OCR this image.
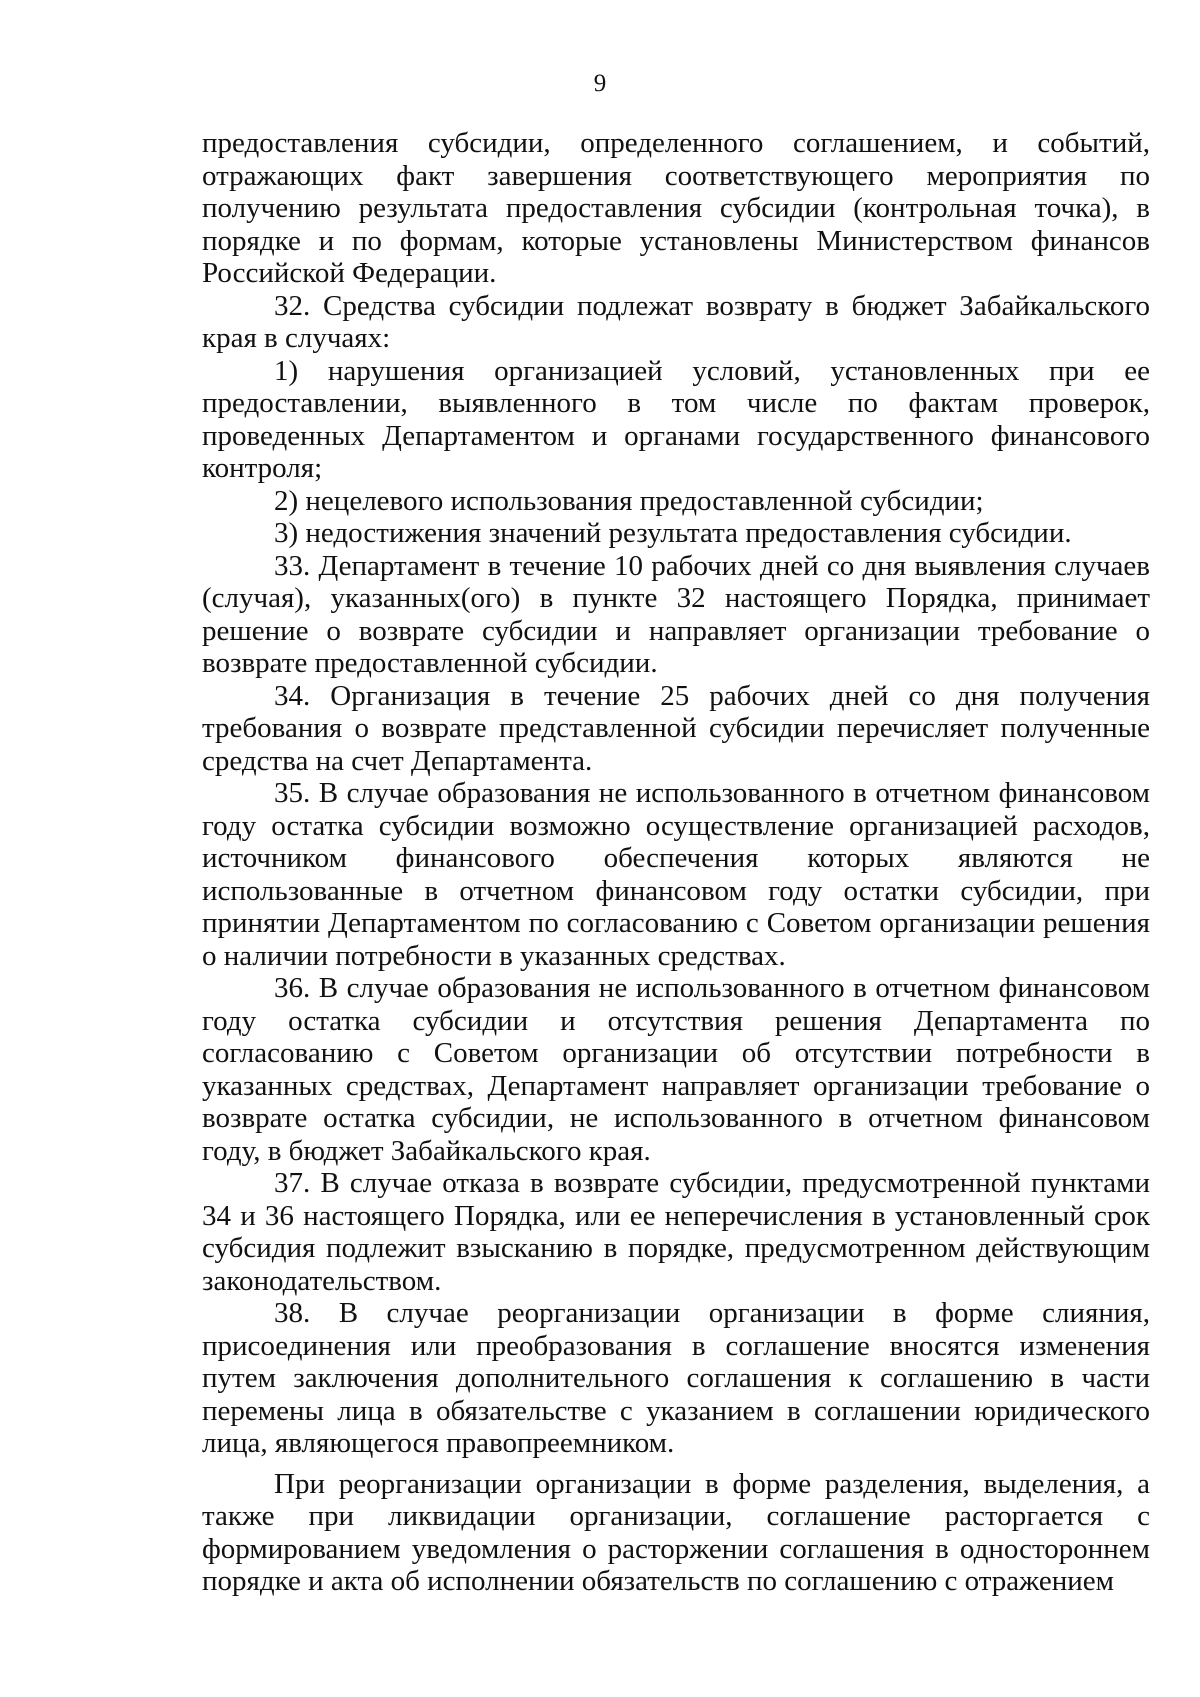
9

предоставления субсидии, определенного соглашением, и событий, отражающих факт завершения соответствующего мероприятия по получению результата предоставления субсидии (контрольная точка), в порядке и по формам, которые установлены Министерством финансов Российской Федерации.

32. Средства субсидии подлежат возврату в бюджет Забайкальского края в случаях:

1) нарушения организацией условий, установленных при ее предоставлении, выявленного в том числе по фактам проверок, проведенных Департаментом и органами государственного финансового контроля;

2) нецелевого использования предоставленной субсидии;

3) недостижения значений результата предоставления субсидии.

33. Департамент в течение 10 рабочих дней со дня выявления случаев (случая), указанных(ого) в пункте 32 настоящего Порядка, принимает решение о возврате субсидии и направляет организации требование о возврате предоставленной субсидии.

34. Организация в течение 25 рабочих дней со дня получения требования о возврате представленной субсидии перечисляет полученные средства на счет Департамента.

35. В случае образования не использованного в отчетном финансовом году остатка субсидии возможно осуществление организацией расходов, источником финансового обеспечения которых являются не использованные в отчетном финансовом году остатки субсидии, при принятии Департаментом по согласованию с Советом организации решения о наличии потребности в указанных средствах.

36. В случае образования не использованного в отчетном финансовом году остатка субсидии и отсутствия решения Департамента по согласованию с Советом организации об отсутствии потребности в указанных средствах, Департамент направляет организации требование о возврате остатка субсидии, не использованного в отчетном финансовом году, в бюджет Забайкальского края.

37. В случае отказа в возврате субсидии, предусмотренной пунктами 34 и 36 настоящего Порядка, или ее неперечисления в установленный срок субсидия подлежит взысканию в порядке, предусмотренном действующим законодательством.

38. В случае реорганизации организации в форме слияния, присоединения или преобразования в соглашение вносятся изменения путем заключения дополнительного соглашения к соглашению в части перемены лица в обязательстве с указанием в соглашении юридического лица, являющегося правопреемником.

При реорганизации организации в форме разделения, выделения, а также при ликвидации организации, соглашение расторгается с формированием уведомления о расторжении соглашения в одностороннем порядке и акта об исполнении обязательств по соглашению с отражением
